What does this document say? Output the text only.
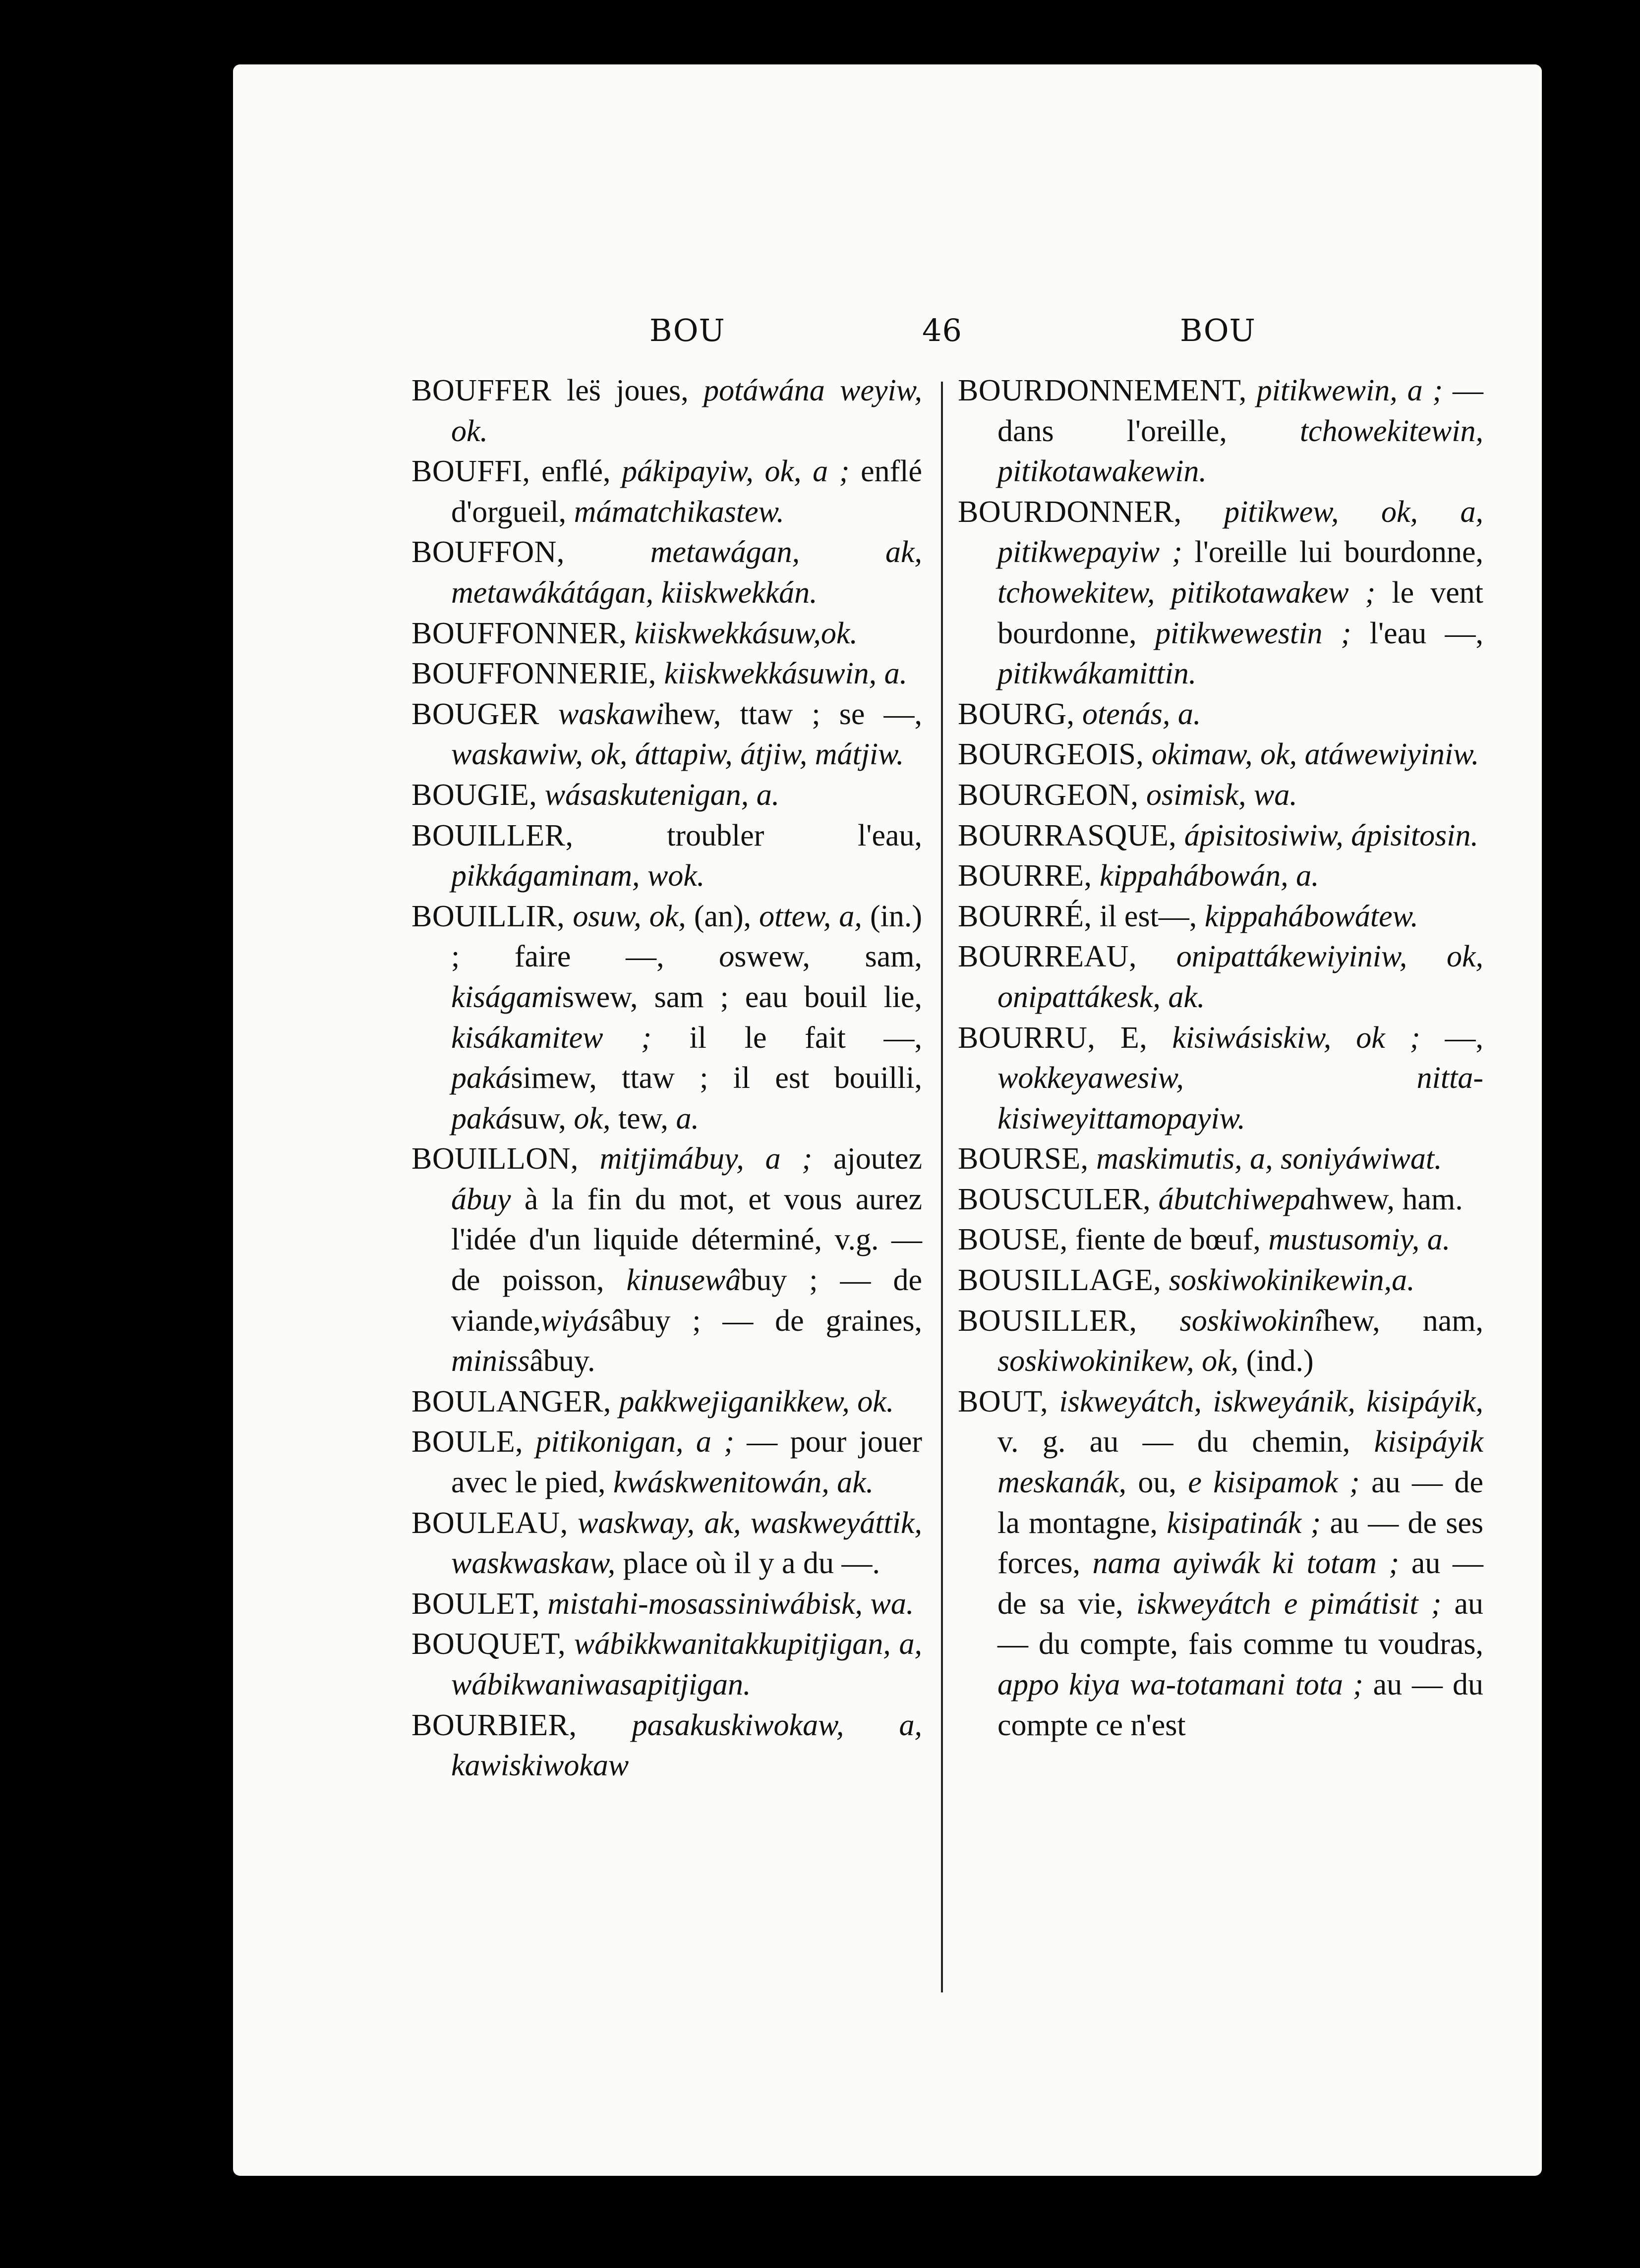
BOU	46	BOU

BOUFFER les̈ joues, potáwána weyiw, ok.

BOUFFI, enflé, pákipayiw, ok, a ; enflé d'orgueil, mámatchikastew.

BOUFFON,	metawágan, ak, metawákátágan, kiiskwekkán.

BOUFFONNER, kiiskwekkásuw,ok.

BOUFFONNERIE, kiiskwekkásuwin, a.

BOUGER waskawihew, ttaw ; se —, waskawiw, ok, áttapiw, átjiw, mátjiw.

BOUGIE, wásaskutenigan, a.

BOUILLER, troubler l'eau, pikkágaminam, wok.

BOUILLIR, osuw, ok, (an), ottew, a, (in.) ; faire —, oswew, sam, kiságamiswew, sam ; eau bouil lie, kisákamitew ; il le fait —, pakásimew, ttaw ; il est bouilli, pakásuw, ok, tew, a.

BOUILLON, mitjimábuy, a ; ajoutez ábuy à la fin du mot, et vous aurez l'idée d'un liquide déterminé, v.g. — de poisson, kinusewâbuy ; — de viande,wiyásâbuy ; — de graines, minissâbuy.

BOULANGER, pakkwejiganikkew, ok.

BOULE, pitikonigan, a ; — pour jouer avec le pied, kwáskwenitowán, ak.

BOULEAU, waskway, ak, waskweyáttik, waskwaskaw, place où il y a du —.

BOULET, mistahi-mosassiniwábisk, wa.

BOUQUET, wábikkwanitakkupitjigan, a, wábikwaniwasapitjigan.

BOURBIER, pasakuskiwokaw, a, kawiskiwokaw

BOURDONNEMENT, pitikwewin, a ; — dans l'oreille, tchowekitewin, pitikotawakewin.

BOURDONNER, pitikwew, ok, a, pitikwepayiw ; l'oreille lui bourdonne, tchowekitew, pitikotawakew ; le vent bourdonne, pitikwewestin ; l'eau —, pitikwákamittin.

BOURG, otenás, a.

BOURGEOIS, okimaw, ok, atáwewiyiniw.

BOURGEON, osimisk, wa.

BOURRASQUE, ápisitosiwiw, ápisitosin.

BOURRE, kippahábowán, a.

BOURRÉ, il est—, kippahábowátew.

BOURREAU, onipattákewiyiniw, ok, onipattákesk, ak.

BOURRU, E, kisiwásiskiw, ok ; —, wokkeyawesiw, nitta-kisiweyittamopayiw.

BOURSE, maskimutis, a, soniyáwiwat.

BOUSCULER, ábutchiwepahwew, ham.

BOUSE, fiente de bœuf, mustusomiy, a.

BOUSILLAGE, soskiwokinikewin,a.

BOUSILLER, soskiwokinîhew, nam, soskiwokinikew, ok, (ind.)

BOUT, iskweyátch, iskweyánik, kisipáyik, v. g. au — du chemin, kisipáyik meskanák, ou, e kisipamok ; au — de la montagne, kisipatinák ; au — de ses forces, nama ayiwák ki totam ; au — de sa vie, iskweyátch e pimátisit ; au — du compte, fais comme tu voudras, appo kiya wa-totamani tota ; au — du compte ce n'est
